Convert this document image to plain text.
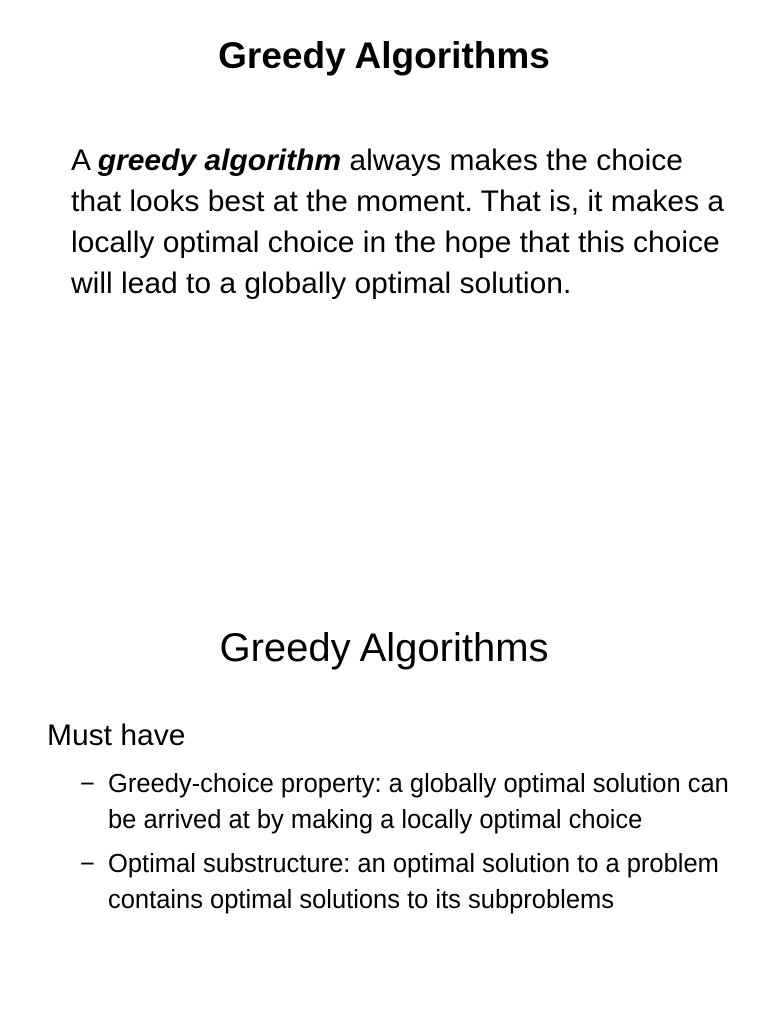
Greedy Algorithms

A greedy algorithm always makes the choice that looks best at the moment. That is, it makes a locally optimal choice in the hope that this choice will lead to a globally optimal solution.

Greedy Algorithms
Must have
− Greedy-choice property: a globally optimal solution can be arrived at by making a locally optimal choice
− Optimal substructure: an optimal solution to a problem contains optimal solutions to its subproblems
